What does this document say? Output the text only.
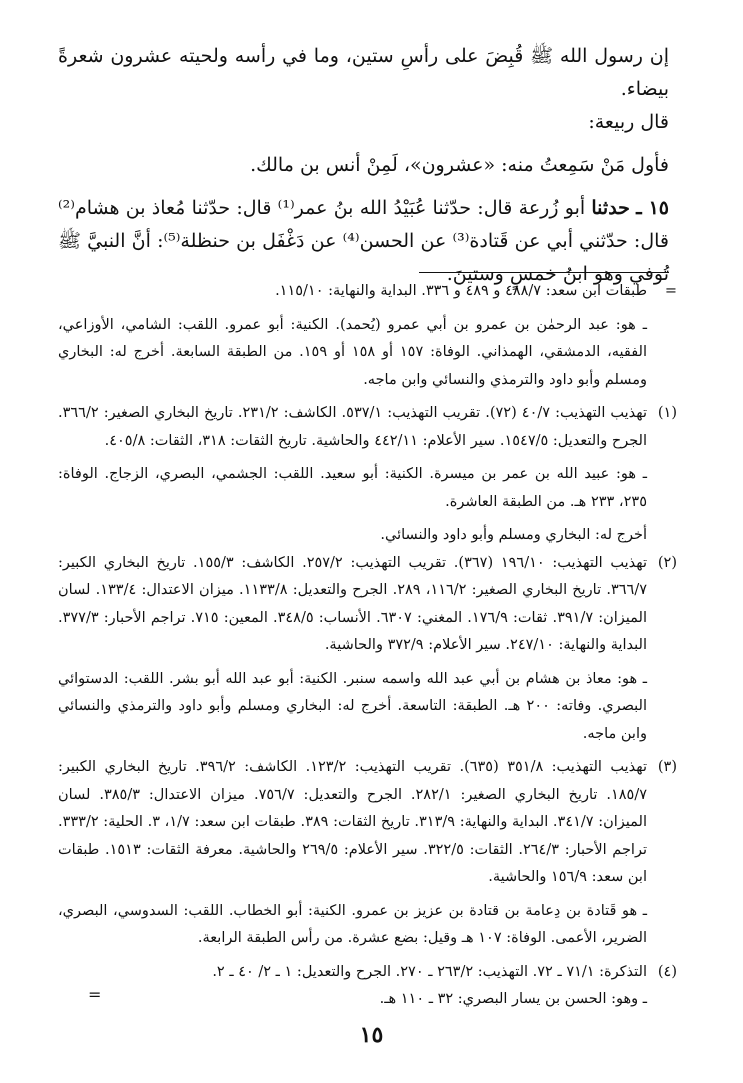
إن رسول الله ﷺ قُبِضَ على رأسِ ستين، وما في رأسه ولحيته عشرون شعرةً بيضاء.

قال ربيعة:

فأول مَنْ سَمِعتُ منه: «عشرون»، لَمِنْ أنس بن مالك.

١٥ ـ حدثنا أبو زُرعة قال: حدّثنا عُبَيْدُ الله بنُ عمر⁽¹⁾ قال: حدّثنا مُعاذ بن هشام⁽²⁾ قال: حدّثني أبي عن قَتادة⁽³⁾ عن الحسن⁽⁴⁾ عن دَغْفَل بن حنظلة⁽⁵⁾: أنَّ النبيَّ ﷺ تُوفي وهو ابنُ خمسٍ وستينَ.

=
طبقات ابن سعد: ٤٨٨/٧ و ٤٨٩ و ٣٣٦. البداية والنهاية: ١١٥/١٠.

ـ هو: عبد الرحمٰن بن عمرو بن أبي عمرو (يُحمد). الكنية: أبو عمرو. اللقب: الشامي، الأوزاعي، الفقيه، الدمشقي، الهمذاني. الوفاة: ١٥٧ أو ١٥٨ أو ١٥٩. من الطبقة السابعة. أخرج له: البخاري ومسلم وأبو داود والترمذي والنسائي وابن ماجه.

(١)
تهذيب التهذيب: ٤٠/٧ (٧٢). تقريب التهذيب: ٥٣٧/١. الكاشف: ٢٣١/٢. تاريخ البخاري الصغير: ٣٦٦/٢. الجرح والتعديل: ١٥٤٧/٥. سير الأعلام: ٤٤٢/١١ والحاشية. تاريخ الثقات: ٣١٨، الثقات: ٤٠٥/٨.

ـ هو: عبيد الله بن عمر بن ميسرة. الكنية: أبو سعيد. اللقب: الجشمي، البصري، الزجاج. الوفاة: ٢٣٥، ٢٣٣ هـ. من الطبقة العاشرة.

أخرج له: البخاري ومسلم وأبو داود والنسائي.

(٢)
تهذيب التهذيب: ١٩٦/١٠ (٣٦٧). تقريب التهذيب: ٢٥٧/٢. الكاشف: ١٥٥/٣. تاريخ البخاري الكبير: ٣٦٦/٧. تاريخ البخاري الصغير: ١١٦/٢، ٢٨٩. الجرح والتعديل: ١١٣٣/٨. ميزان الاعتدال: ١٣٣/٤. لسان الميزان: ٣٩١/٧. ثقات: ١٧٦/٩. المغني: ٦٣٠٧. الأنساب: ٣٤٨/٥. المعين: ٧١٥. تراجم الأحبار: ٣٧٧/٣. البداية والنهاية: ٢٤٧/١٠. سير الأعلام: ٣٧٢/٩ والحاشية.

ـ هو: معاذ بن هشام بن أبي عبد الله واسمه سنبر. الكنية: أبو عبد الله أبو بشر. اللقب: الدستوائي البصري. وفاته: ٢٠٠ هـ. الطبقة: التاسعة. أخرج له: البخاري ومسلم وأبو داود والترمذي والنسائي وابن ماجه.

(٣)
تهذيب التهذيب: ٣٥١/٨ (٦٣٥). تقريب التهذيب: ١٢٣/٢. الكاشف: ٣٩٦/٢. تاريخ البخاري الكبير: ١٨٥/٧. تاريخ البخاري الصغير: ٢٨٢/١. الجرح والتعديل: ٧٥٦/٧. ميزان الاعتدال: ٣٨٥/٣. لسان الميزان: ٣٤١/٧. البداية والنهاية: ٣١٣/٩. تاريخ الثقات: ٣٨٩. طبقات ابن سعد: ١/٧، ٣. الحلية: ٣٣٣/٢. تراجم الأحبار: ٢٦٤/٣. الثقات: ٣٢٢/٥. سير الأعلام: ٢٦٩/٥ والحاشية. معرفة الثقات: ١٥١٣. طبقات ابن سعد: ١٥٦/٩ والحاشية.

ـ هو قَتادة بن دِعامة بن قتادة بن عزيز بن عمرو. الكنية: أبو الخطاب. اللقب: السدوسي، البصري، الضرير، الأعمى. الوفاة: ١٠٧ هـ وقيل: بضع عشرة. من رأس الطبقة الرابعة.

(٤)
التذكرة: ٧١/١ ـ ٧٢. التهذيب: ٢٦٣/٢ ـ ٢٧٠. الجرح والتعديل: ١ ـ ٢/ ٤٠ ـ ٢.

ـ وهو: الحسن بن يسار البصري: ٣٢ ـ ١١٠ هـ.

=
١٥
